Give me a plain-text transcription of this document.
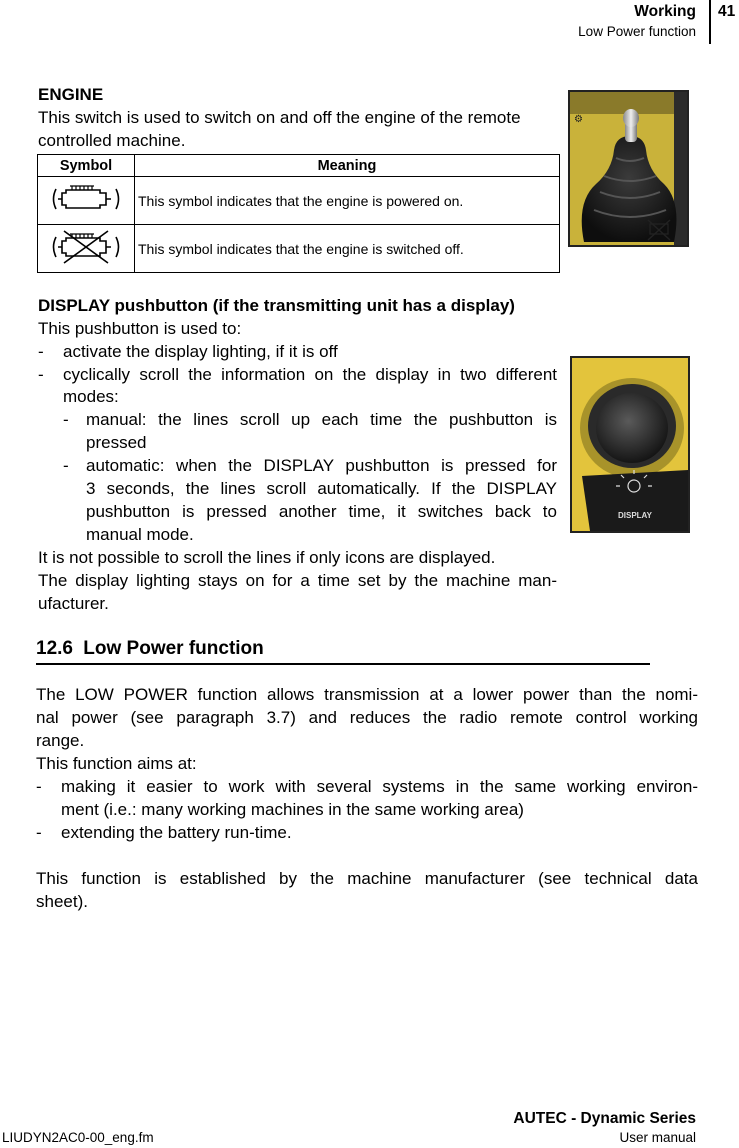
Working
Low Power function
41
ENGINE
This switch is used to switch on and off the engine of the remote
controlled machine.
Symbol	Meaning
	This symbol indicates that the engine is powered on.
	This symbol indicates that the engine is switched off.
⚙
DISPLAY pushbutton (if the transmitting unit has a display)
This pushbutton is used to:
- activate the display lighting, if it is off
- cyclically scroll the information on the display in two different
modes:
- manual: the lines scroll up each time the pushbutton is
pressed
- automatic: when the DISPLAY pushbutton is pressed for
3 seconds, the lines scroll automatically. If the DISPLAY
pushbutton is pressed another time, it switches back to
manual mode.
It is not possible to scroll the lines if only icons are displayed.
The display lighting stays on for a time set by the machine man-
ufacturer.
DISPLAY
12.6 Low Power function
The LOW POWER function allows transmission at a lower power than the nomi-
nal power (see paragraph 3.7) and reduces the radio remote control working
range.
This function aims at:
- making it easier to work with several systems in the same working environ-
ment (i.e.: many working machines in the same working area)
- extending the battery run-time.
This function is established by the machine manufacturer (see technical data
sheet).
AUTEC - Dynamic Series
LIUDYN2AC0-00_eng.fm	User manual
